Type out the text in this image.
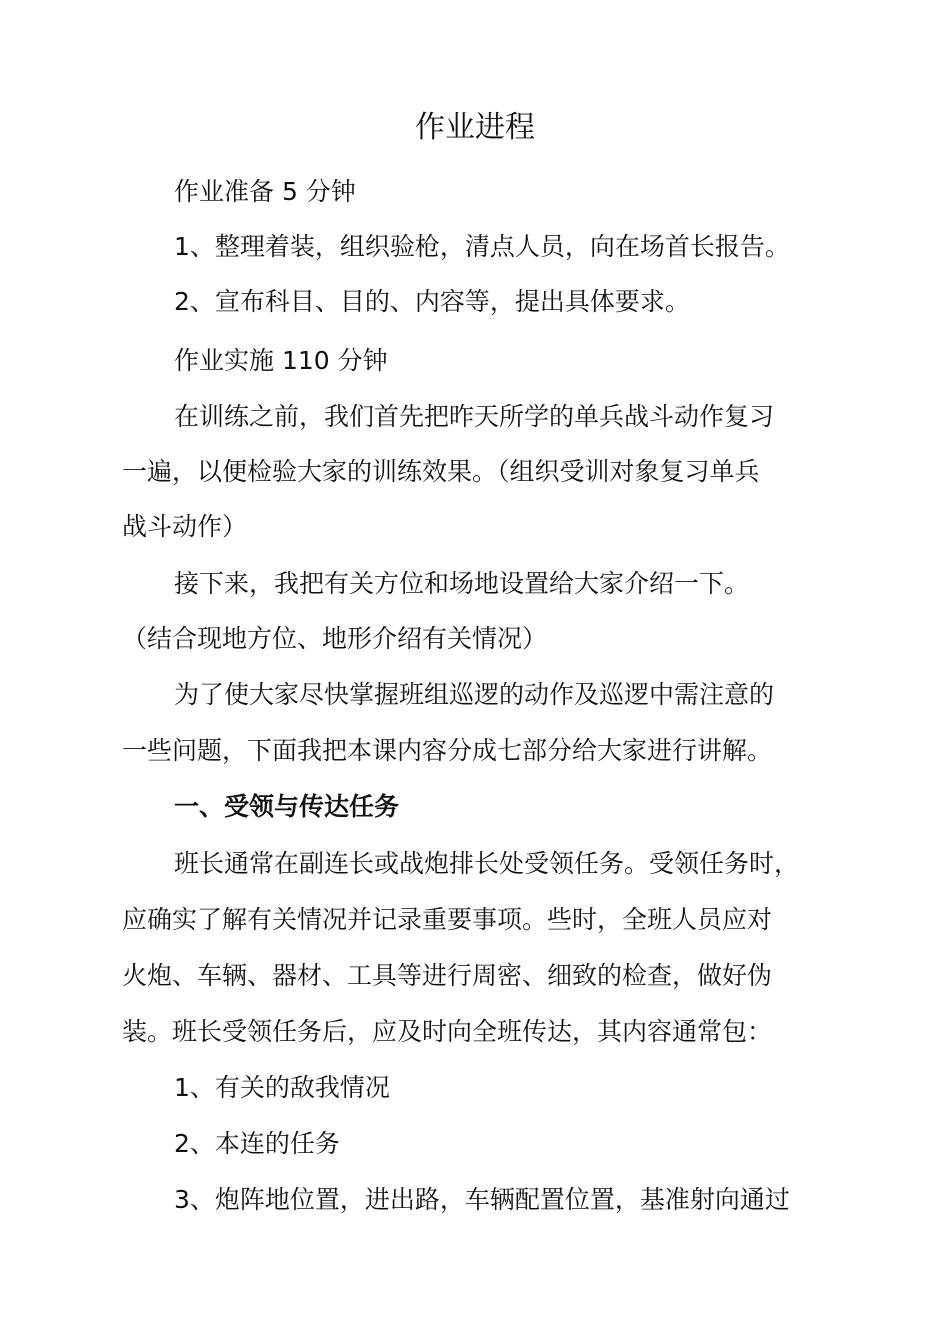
作业进程

作业准备 5 分钟

1、整理着装，组织验枪，清点人员，向在场首长报告。

2、宣布科目、目的、内容等，提出具体要求。

作业实施 110 分钟

在训练之前，我们首先把昨天所学的单兵战斗动作复习

一遍，以便检验大家的训练效果。（组织受训对象复习单兵

战斗动作）

接下来，我把有关方位和场地设置给大家介绍一下。

（结合现地方位、地形介绍有关情况）

为了使大家尽快掌握班组巡逻的动作及巡逻中需注意的

一些问题，下面我把本课内容分成七部分给大家进行讲解。

一、受领与传达任务

班长通常在副连长或战炮排长处受领任务。受领任务时，

应确实了解有关情况并记录重要事项。些时，全班人员应对

火炮、车辆、器材、工具等进行周密、细致的检查，做好伪

装。班长受领任务后，应及时向全班传达，其内容通常包：

1、有关的敌我情况

2、本连的任务

3、炮阵地位置，进出路，车辆配置位置，基准射向通过
